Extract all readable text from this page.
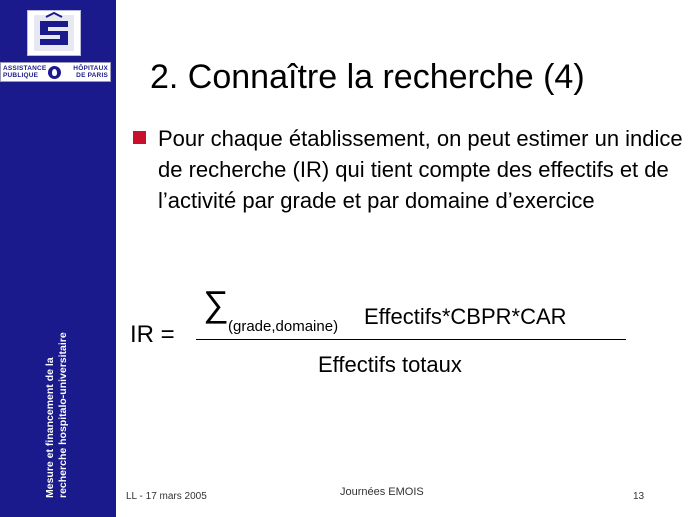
ASSISTANCE
PUBLIQUE
HÔPITAUX
DE PARIS
Mesure et financement de la recherche hospitalo-universitaire
2. Connaître la recherche (4)

Pour chaque établissement, on peut estimer un indice de recherche (IR) qui tient compte des effectifs et de l’activité par grade et par domaine d’exercice

IR =
∑
(grade,domaine) Effectifs*CBPR*CAR
Effectifs totaux
LL - 17 mars 2005	Journées EMOIS	13
